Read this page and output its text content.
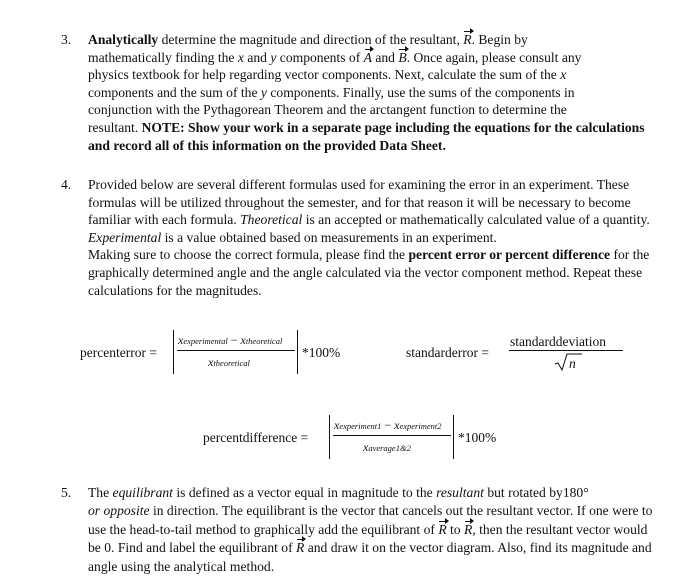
3. Analytically determine the magnitude and direction of the resultant, R. Begin by
mathematically finding the x and y components of A and B. Once again, please consult any
physics textbook for help regarding vector components. Next, calculate the sum of the x
components and the sum of the y components. Finally, use the sums of the components in
conjunction with the Pythagorean Theorem and the arctangent function to determine the
resultant. NOTE: Show your work in a separate page including the equations for the calculations and record all of this information on the provided Data Sheet.
4. Provided below are several different formulas used for examining the error in an experiment. These formulas will be utilized throughout the semester, and for that reason it will be necessary to become familiar with each formula. Theoretical is an accepted or mathematically calculated value of a quantity. Experimental is a value obtained based on measurements in an experiment.
Making sure to choose the correct formula, please find the percent error or percent difference for the graphically determined angle and the angle calculated via the vector component method. Repeat these calculations for the magnitudes.
percenterror =
xexperimental − xtheoretical
xtheoretical
*100%	standarderror =
standarddeviation
n
percentdifference =
xexperiment1 − xexperiment2
xaverage1&2
*100%
5. The equilibrant is defined as a vector equal in magnitude to the resultant but rotated by180°
or opposite in direction. The equilibrant is the vector that cancels out the resultant vector. If one were to use the head-to-tail method to graphically add the equilibrant of R to R, then the resultant vector would be 0. Find and label the equilibrant of R and draw it on the vector diagram. Also, find its magnitude and angle using the analytical method.
